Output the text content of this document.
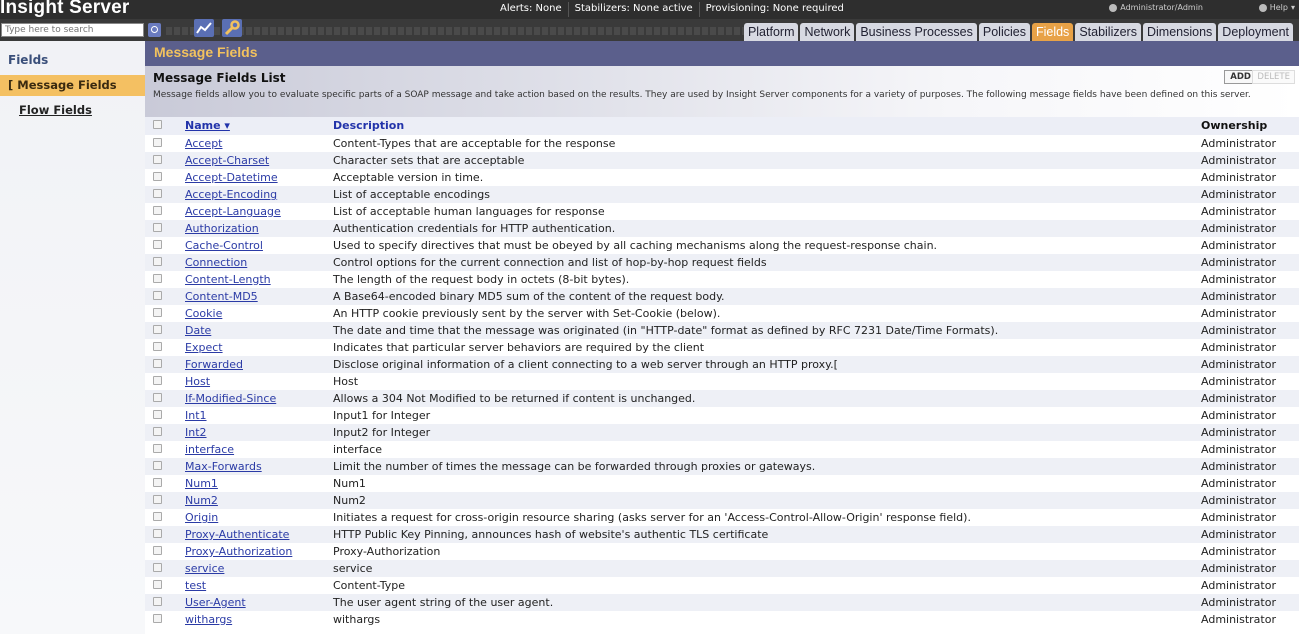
Insight Server	Alerts: None	Stabilizers: None active	Provisioning: None required	Administrator/Admin	Help ▾
Type here to search
Platform Network Business Processes Policies Fields Stabilizers Dimensions Deployment
Fields
[ Message Fields
Flow Fields
Message Fields
Message Fields List
Message fields allow you to evaluate specific parts of a SOAP message and take action based on the results. They are used by Insight Server components for a variety of purposes. The following message fields have been defined on this server.
ADD DELETE
Name ▾	Description	Ownership
Accept	Content-Types that are acceptable for the response	Administrator
Accept-Charset	Character sets that are acceptable	Administrator
Accept-Datetime	Acceptable version in time.	Administrator
Accept-Encoding	List of acceptable encodings	Administrator
Accept-Language	List of acceptable human languages for response	Administrator
Authorization	Authentication credentials for HTTP authentication.	Administrator
Cache-Control	Used to specify directives that must be obeyed by all caching mechanisms along the request-response chain.	Administrator
Connection	Control options for the current connection and list of hop-by-hop request fields	Administrator
Content-Length	The length of the request body in octets (8-bit bytes).	Administrator
Content-MD5	A Base64-encoded binary MD5 sum of the content of the request body.	Administrator
Cookie	An HTTP cookie previously sent by the server with Set-Cookie (below).	Administrator
Date	The date and time that the message was originated (in "HTTP-date" format as defined by RFC 7231 Date/Time Formats).	Administrator
Expect	Indicates that particular server behaviors are required by the client	Administrator
Forwarded	Disclose original information of a client connecting to a web server through an HTTP proxy.[	Administrator
Host	Host	Administrator
If-Modified-Since	Allows a 304 Not Modified to be returned if content is unchanged.	Administrator
Int1	Input1 for Integer	Administrator
Int2	Input2 for Integer	Administrator
interface	interface	Administrator
Max-Forwards	Limit the number of times the message can be forwarded through proxies or gateways.	Administrator
Num1	Num1	Administrator
Num2	Num2	Administrator
Origin	Initiates a request for cross-origin resource sharing (asks server for an 'Access-Control-Allow-Origin' response field).	Administrator
Proxy-Authenticate	HTTP Public Key Pinning, announces hash of website's authentic TLS certificate	Administrator
Proxy-Authorization	Proxy-Authorization	Administrator
service	service	Administrator
test	Content-Type	Administrator
User-Agent	The user agent string of the user agent.	Administrator
withargs	withargs	Administrator
